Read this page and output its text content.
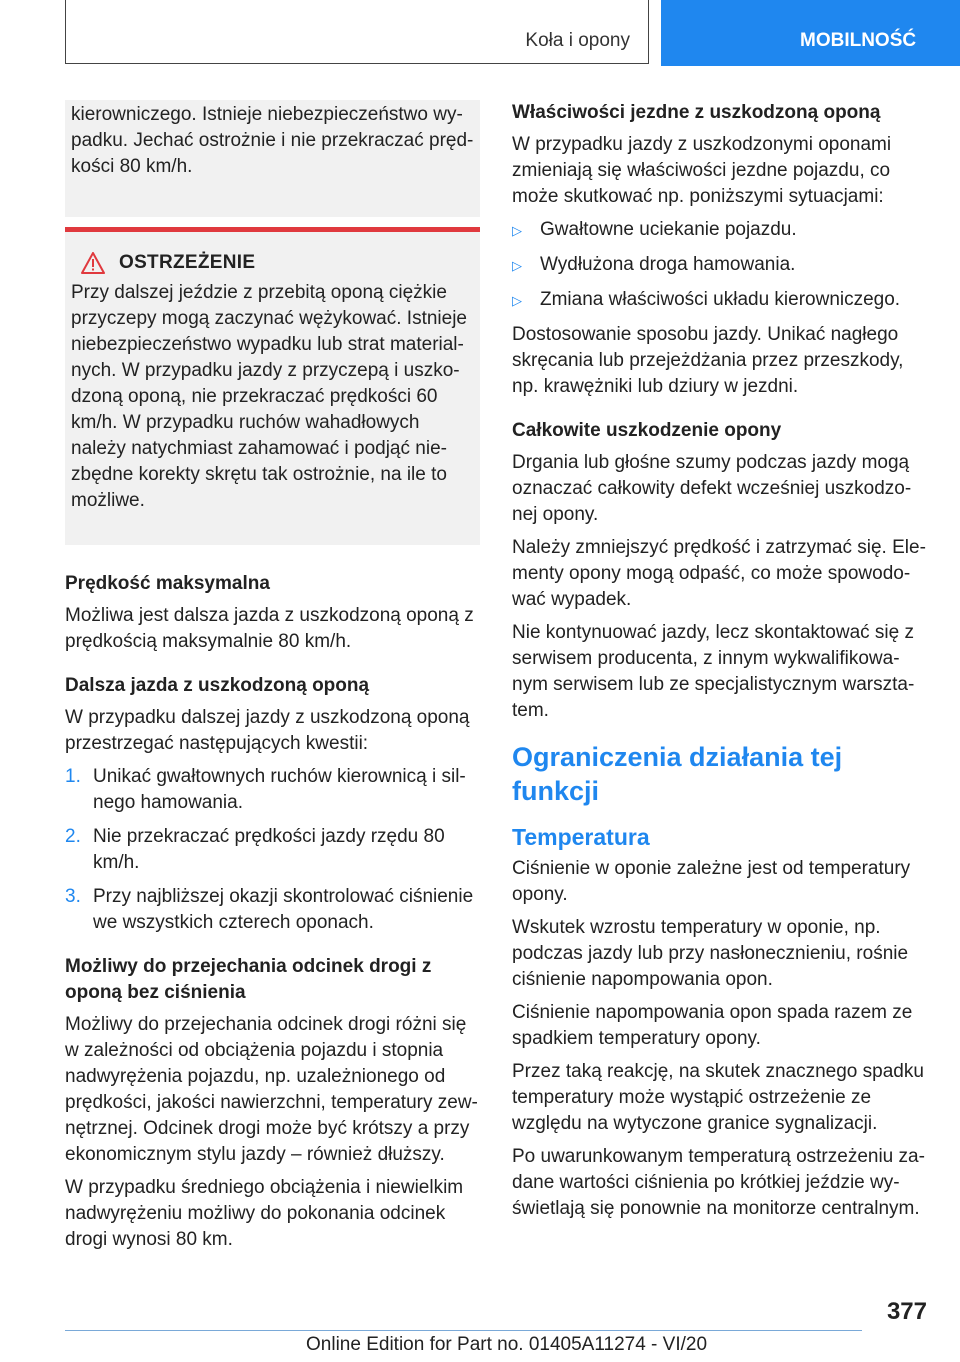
Koła i opony	MOBILNOŚĆ

kierowniczego. Istnieje niebezpieczeństwo wy-padku. Jechać ostrożnie i nie przekraczać pręd-kości 80 km/h.

OSTRZEŻENIE

Przy dalszej jeździe z przebitą oponą ciężkie przyczepy mogą zaczynać wężykować. Istnieje niebezpieczeństwo wypadku lub strat material-nych. W przypadku jazdy z przyczepą i uszko-dzoną oponą, nie przekraczać prędkości 60 km/h. W przypadku ruchów wahadłowych należy natychmiast zahamować i podjąć nie-zbędne korekty skrętu tak ostrożnie, na ile to możliwe.

Prędkość maksymalna

Możliwa jest dalsza jazda z uszkodzoną oponą z prędkością maksymalnie 80 km/h.

Dalsza jazda z uszkodzoną oponą

W przypadku dalszej jazdy z uszkodzoną oponą przestrzegać następujących kwestii:

1. Unikać gwałtownych ruchów kierownicą i sil-nego hamowania.
2. Nie przekraczać prędkości jazdy rzędu 80 km/h.
3. Przy najbliższej okazji skontrolować ciśnienie we wszystkich czterech oponach.
Możliwy do przejechania odcinek drogi z oponą bez ciśnienia

Możliwy do przejechania odcinek drogi różni się w zależności od obciążenia pojazdu i stopnia nadwyrężenia pojazdu, np. uzależnionego od prędkości, jakości nawierzchni, temperatury zew-nętrznej. Odcinek drogi może być krótszy a przy ekonomicznym stylu jazdy – również dłuższy.

W przypadku średniego obciążenia i niewielkim nadwyrężeniu możliwy do pokonania odcinek drogi wynosi 80 km.

Właściwości jezdne z uszkodzoną oponą

W przypadku jazdy z uszkodzonymi oponami zmieniają się właściwości jezdne pojazdu, co może skutkować np. poniższymi sytuacjami:

▷ Gwałtowne uciekanie pojazdu.
▷ Wydłużona droga hamowania.
▷ Zmiana właściwości układu kierowniczego.

Dostosowanie sposobu jazdy. Unikać nagłego skręcania lub przejeżdżania przez przeszkody, np. krawężniki lub dziury w jezdni.

Całkowite uszkodzenie opony

Drgania lub głośne szumy podczas jazdy mogą oznaczać całkowity defekt wcześniej uszkodzo-nej opony.

Należy zmniejszyć prędkość i zatrzymać się. Ele-menty opony mogą odpaść, co może spowodo-wać wypadek.

Nie kontynuować jazdy, lecz skontaktować się z serwisem producenta, z innym wykwalifikowa-nym serwisem lub ze specjalistycznym warszta-tem.

Ograniczenia działania tej funkcji
Temperatura

Ciśnienie w oponie zależne jest od temperatury opony.

Wskutek wzrostu temperatury w oponie, np. podczas jazdy lub przy nasłonecznieniu, rośnie ciśnienie napompowania opon.

Ciśnienie napompowania opon spada razem ze spadkiem temperatury opony.

Przez taką reakcję, na skutek znacznego spadku temperatury może wystąpić ostrzeżenie ze względu na wytyczone granice sygnalizacji.

Po uwarunkowanym temperaturą ostrzeżeniu za-dane wartości ciśnienia po krótkiej jeździe wy-świetlają się ponownie na monitorze centralnym.

377
Online Edition for Part no. 01405A11274 - VI/20
